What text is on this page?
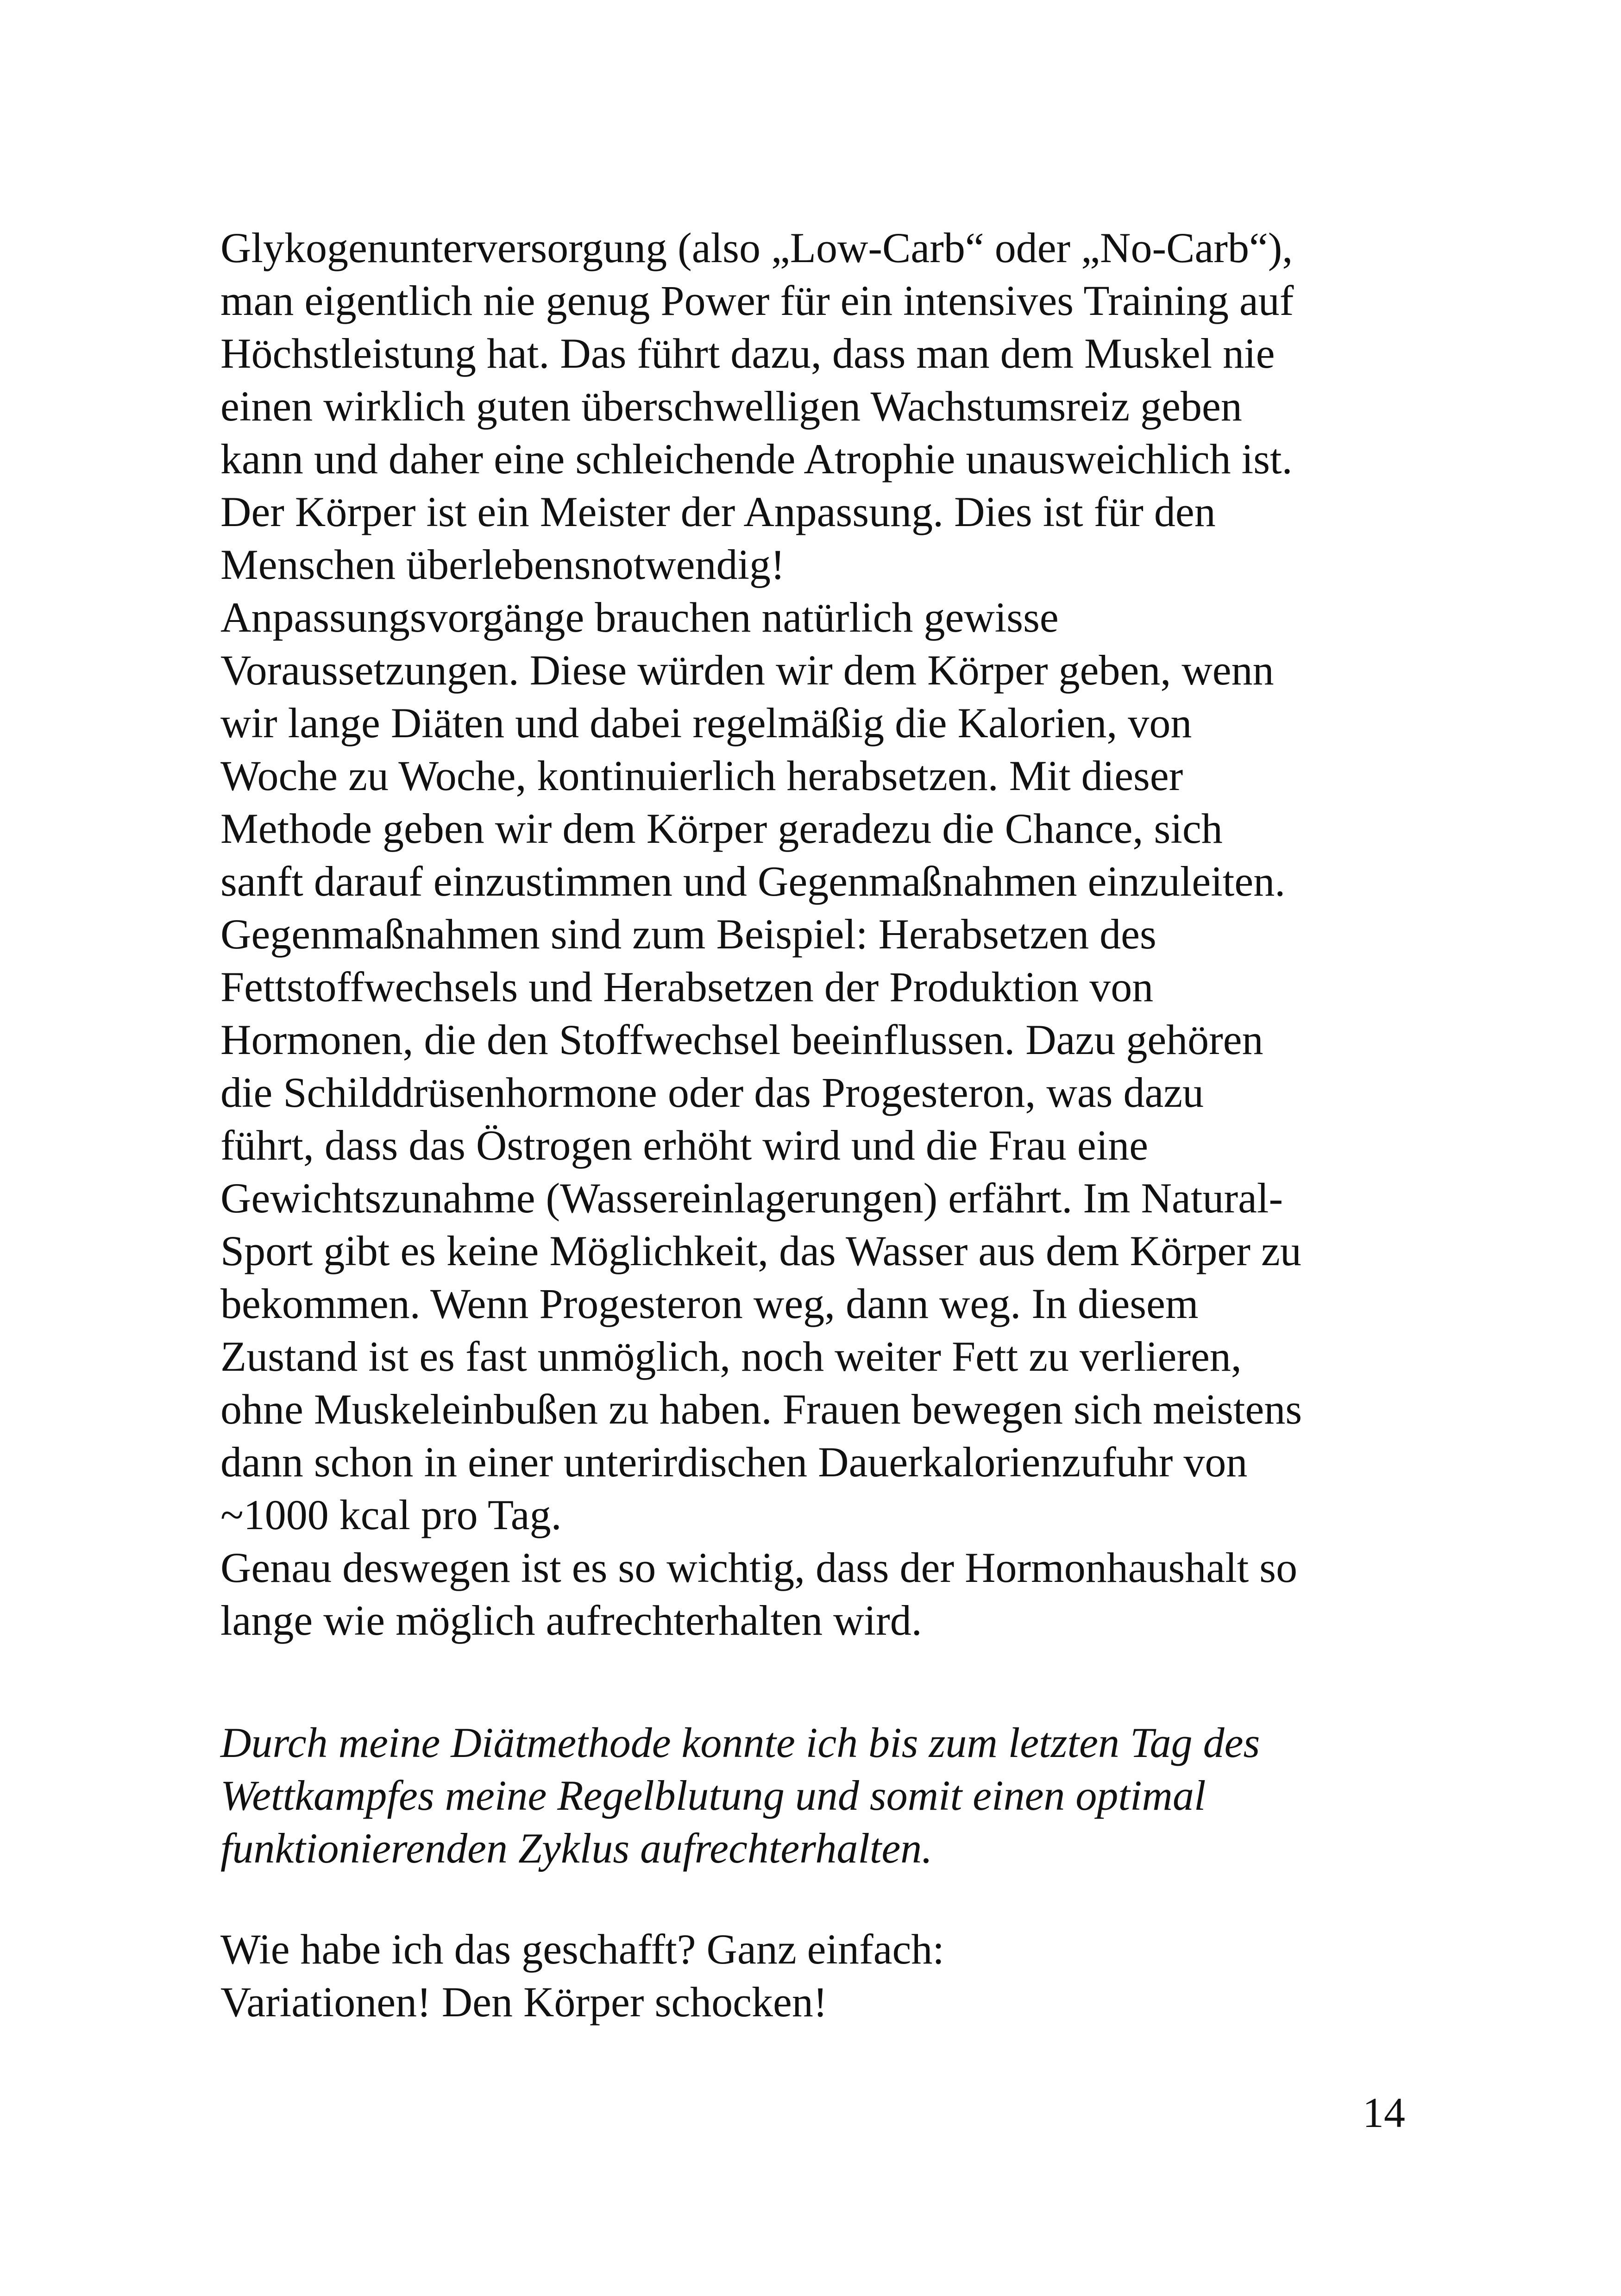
Glykogenunterversorgung (also „Low-Carb“ oder „No-Carb“),
man eigentlich nie genug Power für ein intensives Training auf
Höchstleistung hat. Das führt dazu, dass man dem Muskel nie
einen wirklich guten überschwelligen Wachstumsreiz geben
kann und daher eine schleichende Atrophie unausweichlich ist.
Der Körper ist ein Meister der Anpassung. Dies ist für den
Menschen überlebensnotwendig!
Anpassungsvorgänge brauchen natürlich gewisse
Voraussetzungen. Diese würden wir dem Körper geben, wenn
wir lange Diäten und dabei regelmäßig die Kalorien, von
Woche zu Woche, kontinuierlich herabsetzen. Mit dieser
Methode geben wir dem Körper geradezu die Chance, sich
sanft darauf einzustimmen und Gegenmaßnahmen einzuleiten.
Gegenmaßnahmen sind zum Beispiel: Herabsetzen des
Fettstoffwechsels und Herabsetzen der Produktion von
Hormonen, die den Stoffwechsel beeinflussen. Dazu gehören
die Schilddrüsenhormone oder das Progesteron, was dazu
führt, dass das Östrogen erhöht wird und die Frau eine
Gewichtszunahme (Wassereinlagerungen) erfährt. Im Natural-
Sport gibt es keine Möglichkeit, das Wasser aus dem Körper zu
bekommen. Wenn Progesteron weg, dann weg. In diesem
Zustand ist es fast unmöglich, noch weiter Fett zu verlieren,
ohne Muskeleinbußen zu haben. Frauen bewegen sich meistens
dann schon in einer unterirdischen Dauerkalorienzufuhr von
~1000 kcal pro Tag.
Genau deswegen ist es so wichtig, dass der Hormonhaushalt so
lange wie möglich aufrechterhalten wird.
Durch meine Diätmethode konnte ich bis zum letzten Tag des
Wettkampfes meine Regelblutung und somit einen optimal
funktionierenden Zyklus aufrechterhalten.
Wie habe ich das geschafft? Ganz einfach:
Variationen! Den Körper schocken!
14
